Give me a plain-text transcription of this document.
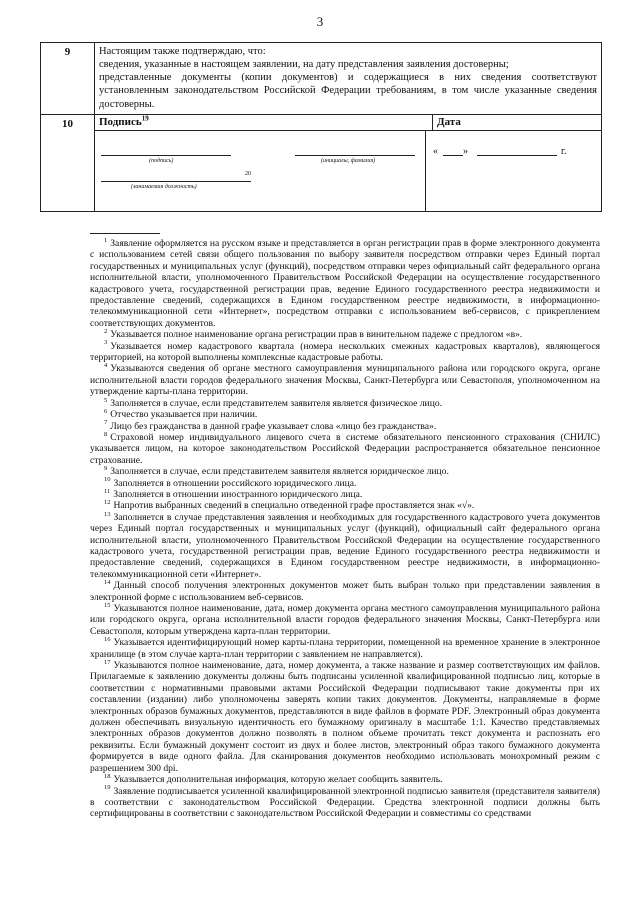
3
9	Настоящим также подтверждаю, что:

сведения, указанные в настоящем заявлении, на дату представления заявления достоверны;

представленные документы (копии документов) и содержащиеся в них сведения соответствуют установленным законодательством Российской Федерации требованиям, в том числе указанные сведения достоверны.

10	Подпись$^{19}$	Дата
(подпись)	(инициалы, фамилия)
20
(занимаемая должность)
«	»	г.

$^1$ Заявление оформляется на русском языке и представляется в орган регистрации прав в форме электронного документа с использованием сетей связи общего пользования по выбору заявителя посредством отправки через Единый портал государственных и муниципальных услуг (функций), посредством отправки через официальный сайт федерального органа исполнительной власти, уполномоченного Правительством Российской Федерации на осуществление государственного кадастрового учета, государственной регистрации прав, ведение Единого государственного реестра недвижимости и предоставление сведений, содержащихся в Едином государственном реестре недвижимости, в информационно-телекоммуникационной сети «Интернет», посредством отправки с использованием веб-сервисов, с прикреплением соответствующих документов.

$^2$ Указывается полное наименование органа регистрации прав в винительном падеже с предлогом «в».

$^3$ Указывается номер кадастрового квартала (номера нескольких смежных кадастровых кварталов), являющегося территорией, на которой выполнены комплексные кадастровые работы.

$^4$ Указываются сведения об органе местного самоуправления муниципального района или городского округа, органе исполнительной власти городов федерального значения Москвы, Санкт-Петербурга или Севастополя, уполномоченном на утверждение карты-плана территории.

$^5$ Заполняется в случае, если представителем заявителя является физическое лицо.

$^6$ Отчество указывается при наличии.

$^7$ Лицо без гражданства в данной графе указывает слова «лицо без гражданства».

$^8$ Страховой номер индивидуального лицевого счета в системе обязательного пенсионного страхования (СНИЛС) указывается лицом, на которое законодательством Российской Федерации распространяется обязательное пенсионное страхование.

$^9$ Заполняется в случае, если представителем заявителя является юридическое лицо.

$^{10}$ Заполняется в отношении российского юридического лица.

$^{11}$ Заполняется в отношении иностранного юридического лица.

$^{12}$ Напротив выбранных сведений в специально отведенной графе проставляется знак «√».

$^{13}$ Заполняется в случае представления заявления и необходимых для государственного кадастрового учета документов через Единый портал государственных и муниципальных услуг (функций), официальный сайт федерального органа исполнительной власти, уполномоченного Правительством Российской Федерации на осуществление государственного кадастрового учета, государственной регистрации прав, ведение Единого государственного реестра недвижимости и предоставление сведений, содержащихся в Едином государственном реестре недвижимости, в информационно-телекоммуникационной сети «Интернет».

$^{14}$ Данный способ получения электронных документов может быть выбран только при представлении заявления в электронной форме с использованием веб-сервисов.

$^{15}$ Указываются полное наименование, дата, номер документа органа местного самоуправления муниципального района или городского округа, органа исполнительной власти городов федерального значения Москвы, Санкт-Петербурга или Севастополя, которым утверждена карта-план территории.

$^{16}$ Указывается идентифицирующий номер карты-плана территории, помещенной на временное хранение в электронное хранилище (в этом случае карта-план территории с заявлением не направляется).

$^{17}$ Указываются полное наименование, дата, номер документа, а также название и размер соответствующих им файлов. Прилагаемые к заявлению документы должны быть подписаны усиленной квалифицированной подписью лиц, которые в соответствии с нормативными правовыми актами Российской Федерации подписывают такие документы при их составлении (издании) либо уполномочены заверять копии таких документов. Документы, направляемые в форме электронных образов бумажных документов, представляются в виде файлов в формате PDF. Электронный образ документа должен обеспечивать визуальную идентичность его бумажному оригиналу в масштабе 1:1. Качество представляемых электронных образов документов должно позволять в полном объеме прочитать текст документа и распознать его реквизиты. Если бумажный документ состоит из двух и более листов, электронный образ такого бумажного документа формируется в виде одного файла. Для сканирования документов необходимо использовать монохромный режим с разрешением 300 dpi.

$^{18}$ Указывается дополнительная информация, которую желает сообщить заявитель.

$^{19}$ Заявление подписывается усиленной квалифицированной электронной подписью заявителя (представителя заявителя) в соответствии с законодательством Российской Федерации. Средства электронной подписи должны быть сертифицированы в соответствии с законодательством Российской Федерации и совместимы со средствами
